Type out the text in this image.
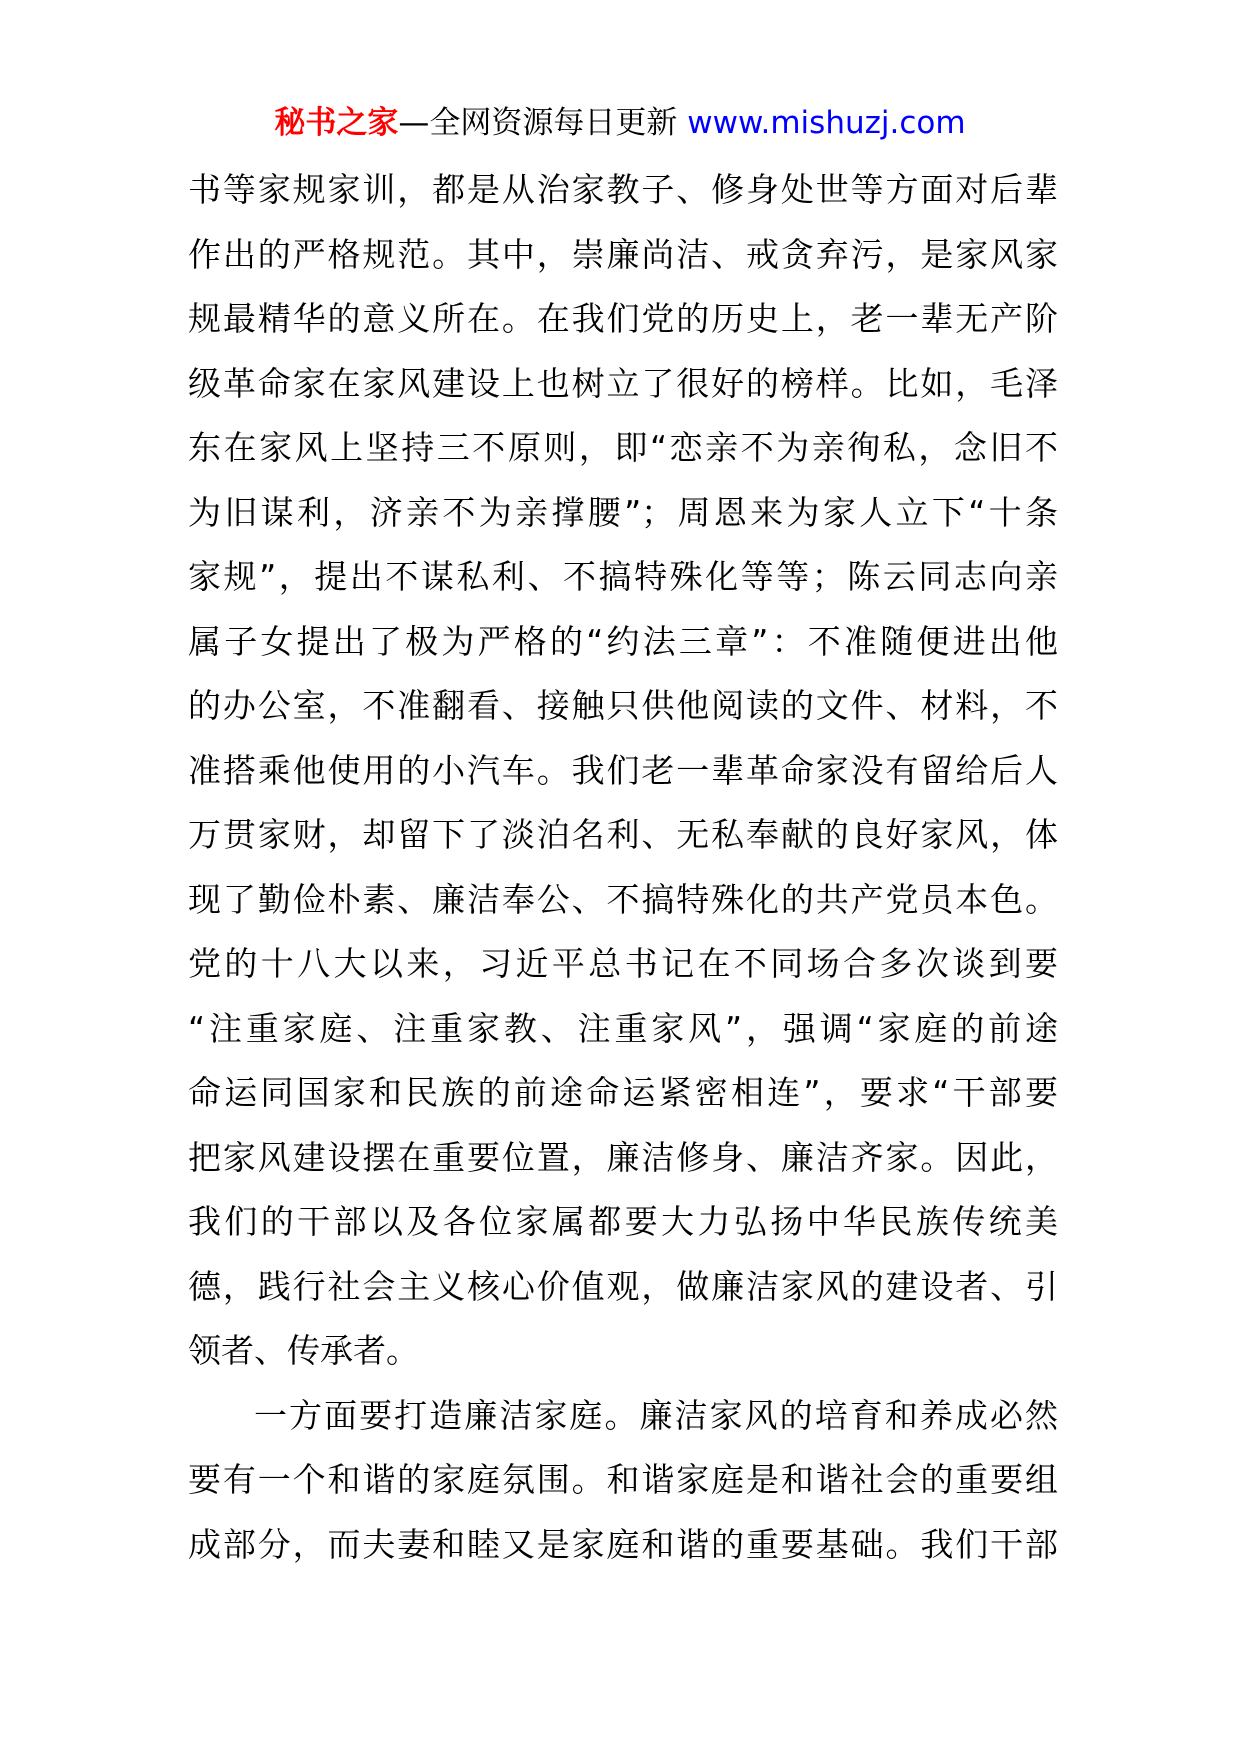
秘书之家—全网资源每日更新 www.mishuzj.com
书等家规家训，都是从治家教子、修身处世等方面对后辈
作出的严格规范。其中，崇廉尚洁、戒贪弃污，是家风家
规最精华的意义所在。在我们党的历史上，老一辈无产阶
级革命家在家风建设上也树立了很好的榜样。比如，毛泽
东在家风上坚持三不原则，即“恋亲不为亲徇私，念旧不
为旧谋利，济亲不为亲撑腰”；周恩来为家人立下“十条
家规”，提出不谋私利、不搞特殊化等等；陈云同志向亲
属子女提出了极为严格的“约法三章”：不准随便进出他
的办公室，不准翻看、接触只供他阅读的文件、材料，不
准搭乘他使用的小汽车。我们老一辈革命家没有留给后人
万贯家财，却留下了淡泊名利、无私奉献的良好家风，体
现了勤俭朴素、廉洁奉公、不搞特殊化的共产党员本色。
党的十八大以来，习近平总书记在不同场合多次谈到要
“注重家庭、注重家教、注重家风”，强调“家庭的前途
命运同国家和民族的前途命运紧密相连”，要求“干部要
把家风建设摆在重要位置，廉洁修身、廉洁齐家。因此，
我们的干部以及各位家属都要大力弘扬中华民族传统美
德，践行社会主义核心价值观，做廉洁家风的建设者、引
领者、传承者。
一方面要打造廉洁家庭。廉洁家风的培育和养成必然
要有一个和谐的家庭氛围。和谐家庭是和谐社会的重要组
成部分，而夫妻和睦又是家庭和谐的重要基础。我们干部
